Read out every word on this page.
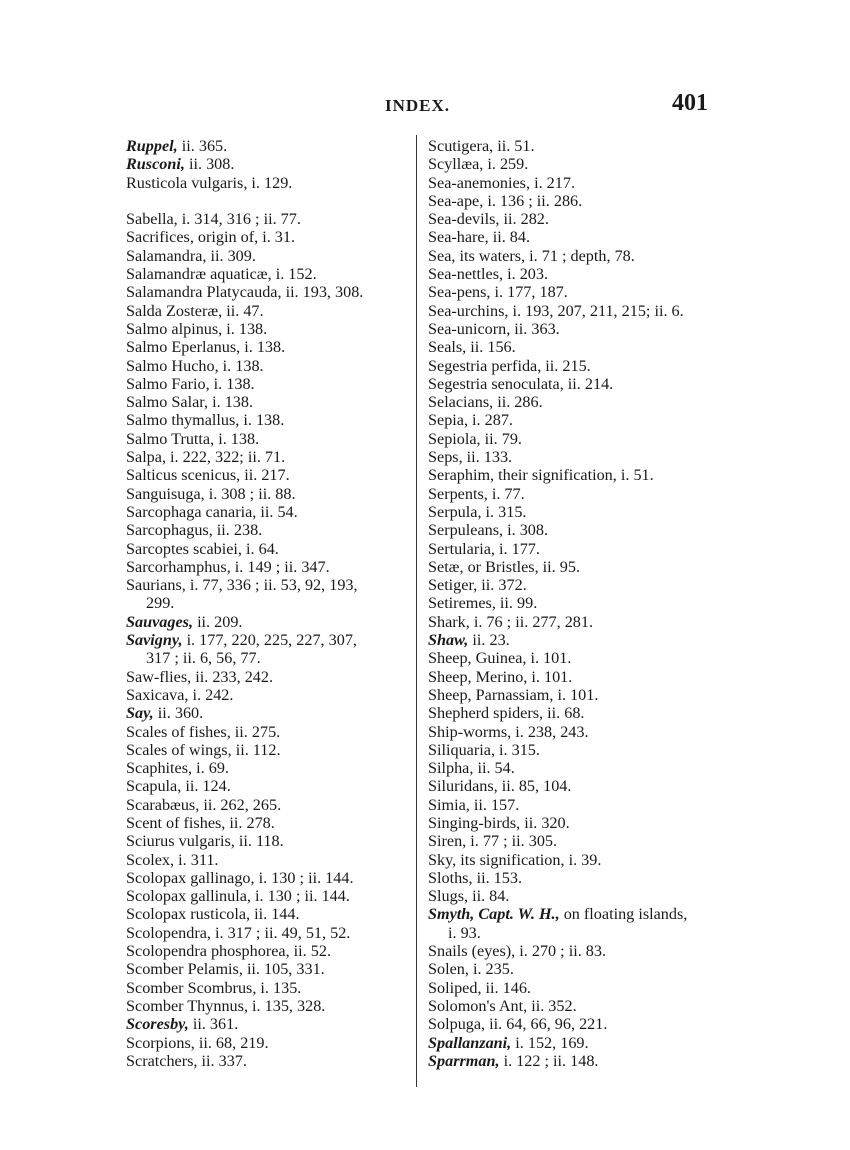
INDEX.	401
Ruppel, ii. 365.
Rusconi, ii. 308.
Rusticola vulgaris, i. 129.
Sabella, i. 314, 316 ; ii. 77.
Sacrifices, origin of, i. 31.
Salamandra, ii. 309.
Salamandræ aquaticæ, i. 152.
Salamandra Platycauda, ii. 193, 308.
Salda Zosteræ, ii. 47.
Salmo alpinus, i. 138.
Salmo Eperlanus, i. 138.
Salmo Hucho, i. 138.
Salmo Fario, i. 138.
Salmo Salar, i. 138.
Salmo thymallus, i. 138.
Salmo Trutta, i. 138.
Salpa, i. 222, 322; ii. 71.
Salticus scenicus, ii. 217.
Sanguisuga, i. 308 ; ii. 88.
Sarcophaga canaria, ii. 54.
Sarcophagus, ii. 238.
Sarcoptes scabiei, i. 64.
Sarcorhamphus, i. 149 ; ii. 347.
Saurians, i. 77, 336 ; ii. 53, 92, 193,
299.
Sauvages, ii. 209.
Savigny, i. 177, 220, 225, 227, 307,
317 ; ii. 6, 56, 77.
Saw-flies, ii. 233, 242.
Saxicava, i. 242.
Say, ii. 360.
Scales of fishes, ii. 275.
Scales of wings, ii. 112.
Scaphites, i. 69.
Scapula, ii. 124.
Scarabæus, ii. 262, 265.
Scent of fishes, ii. 278.
Sciurus vulgaris, ii. 118.
Scolex, i. 311.
Scolopax gallinago, i. 130 ; ii. 144.
Scolopax gallinula, i. 130 ; ii. 144.
Scolopax rusticola, ii. 144.
Scolopendra, i. 317 ; ii. 49, 51, 52.
Scolopendra phosphorea, ii. 52.
Scomber Pelamis, ii. 105, 331.
Scomber Scombrus, i. 135.
Scomber Thynnus, i. 135, 328.
Scoresby, ii. 361.
Scorpions, ii. 68, 219.
Scratchers, ii. 337.
Scutigera, ii. 51.
Scyllæa, i. 259.
Sea-anemonies, i. 217.
Sea-ape, i. 136 ; ii. 286.
Sea-devils, ii. 282.
Sea-hare, ii. 84.
Sea, its waters, i. 71 ; depth, 78.
Sea-nettles, i. 203.
Sea-pens, i. 177, 187.
Sea-urchins, i. 193, 207, 211, 215; ii. 6.
Sea-unicorn, ii. 363.
Seals, ii. 156.
Segestria perfida, ii. 215.
Segestria senoculata, ii. 214.
Selacians, ii. 286.
Sepia, i. 287.
Sepiola, ii. 79.
Seps, ii. 133.
Seraphim, their signification, i. 51.
Serpents, i. 77.
Serpula, i. 315.
Serpuleans, i. 308.
Sertularia, i. 177.
Setæ, or Bristles, ii. 95.
Setiger, ii. 372.
Setiremes, ii. 99.
Shark, i. 76 ; ii. 277, 281.
Shaw, ii. 23.
Sheep, Guinea, i. 101.
Sheep, Merino, i. 101.
Sheep, Parnassiam, i. 101.
Shepherd spiders, ii. 68.
Ship-worms, i. 238, 243.
Siliquaria, i. 315.
Silpha, ii. 54.
Siluridans, ii. 85, 104.
Simia, ii. 157.
Singing-birds, ii. 320.
Siren, i. 77 ; ii. 305.
Sky, its signification, i. 39.
Sloths, ii. 153.
Slugs, ii. 84.
Smyth, Capt. W. H., on floating islands,
i. 93.
Snails (eyes), i. 270 ; ii. 83.
Solen, i. 235.
Soliped, ii. 146.
Solomon's Ant, ii. 352.
Solpuga, ii. 64, 66, 96, 221.
Spallanzani, i. 152, 169.
Sparrman, i. 122 ; ii. 148.
